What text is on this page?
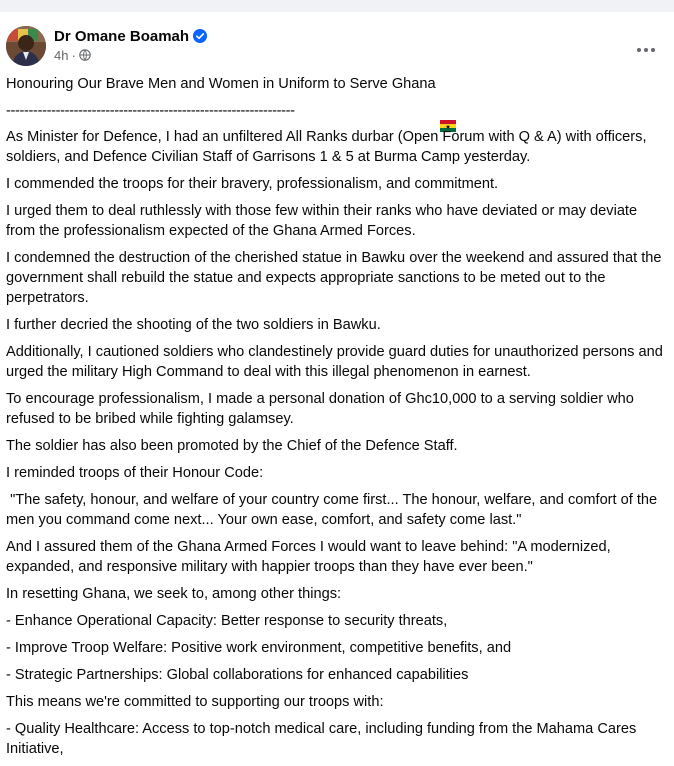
Dr Omane Boamah
4h ·

Honouring Our Brave Men and Women in Uniform to Serve Ghana

----------------------------------------------------------------

As Minister for Defence, I had an unfiltered All Ranks durbar (Open Forum with Q & A) with officers, soldiers, and Defence Civilian Staff of Garrisons 1 & 5 at Burma Camp yesterday.

I commended the troops for their bravery, professionalism, and commitment.

I urged them to deal ruthlessly with those few within their ranks who have deviated or may deviate from the professionalism expected of the Ghana Armed Forces.

I condemned the destruction of the cherished statue in Bawku over the weekend and assured that the government shall rebuild the statue and expects appropriate sanctions to be meted out to the perpetrators.

I further decried the shooting of the two soldiers in Bawku.

Additionally, I cautioned soldiers who clandestinely provide guard duties for unauthorized persons and urged the military High Command to deal with this illegal phenomenon in earnest.

To encourage professionalism, I made a personal donation of Ghc10,000 to a serving soldier who refused to be bribed while fighting galamsey.

The soldier has also been promoted by the Chief of the Defence Staff.

I reminded troops of their Honour Code:

"The safety, honour, and welfare of your country come first... The honour, welfare, and comfort of the men you command come next... Your own ease, comfort, and safety come last."

And I assured them of the Ghana Armed Forces I would want to leave behind: "A modernized, expanded, and responsive military with happier troops than they have ever been."

In resetting Ghana, we seek to, among other things:

- Enhance Operational Capacity: Better response to security threats,

- Improve Troop Welfare: Positive work environment, competitive benefits, and

- Strategic Partnerships: Global collaborations for enhanced capabilities

This means we're committed to supporting our troops with:

- Quality Healthcare: Access to top-notch medical care, including funding from the Mahama Cares Initiative,
